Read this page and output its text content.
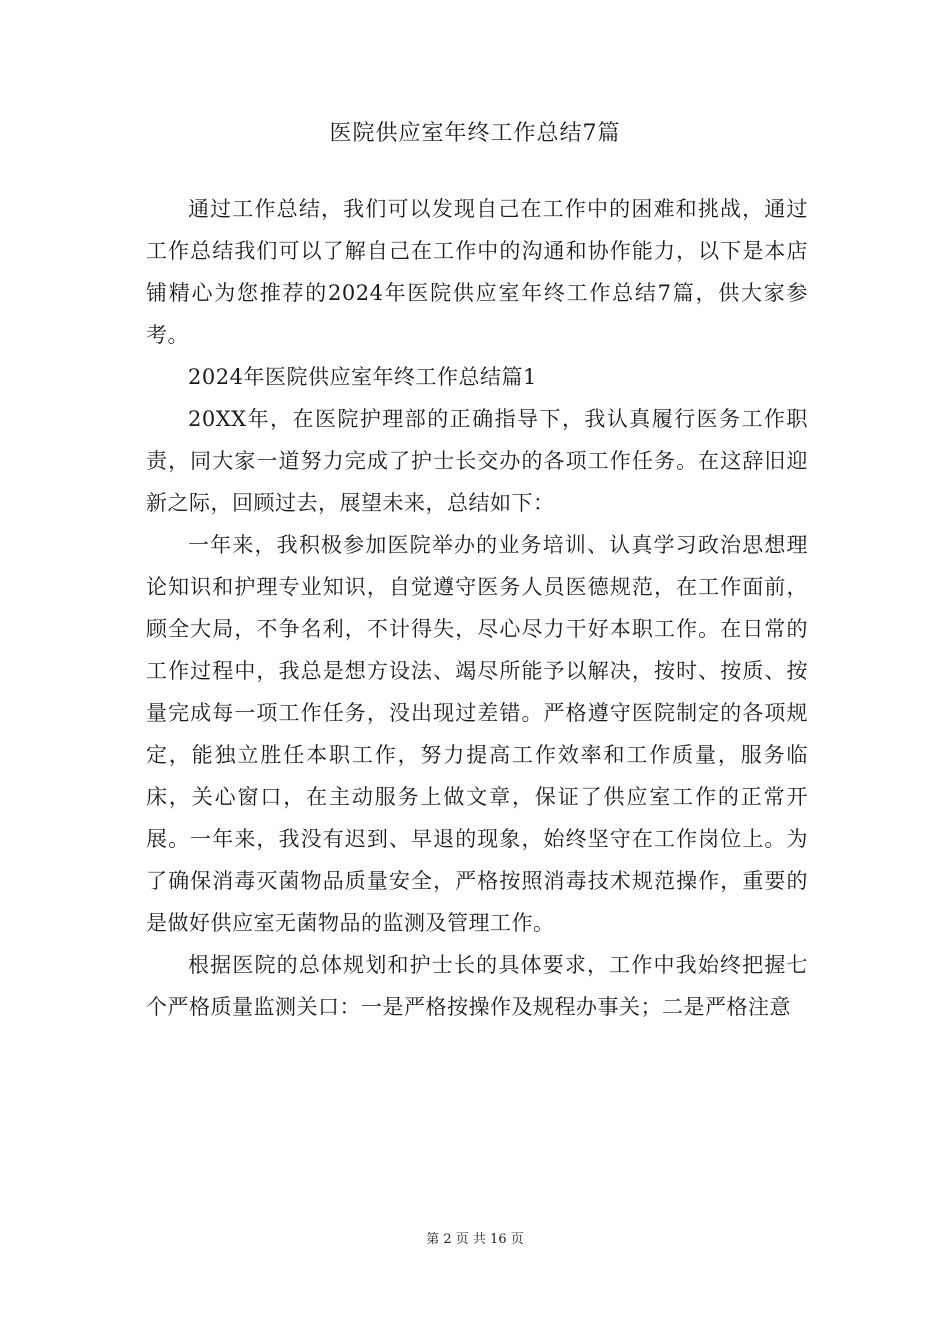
医院供应室年终工作总结7篇

通过工作总结，我们可以发现自己在工作中的困难和挑战，通过工作总结我们可以了解自己在工作中的沟通和协作能力，以下是本店铺精心为您推荐的2024年医院供应室年终工作总结7篇，供大家参考。

2024年医院供应室年终工作总结篇1

20XX年，在医院护理部的正确指导下，我认真履行医务工作职责，同大家一道努力完成了护士长交办的各项工作任务。在这辞旧迎新之际，回顾过去，展望未来，总结如下：

一年来，我积极参加医院举办的业务培训、认真学习政治思想理论知识和护理专业知识，自觉遵守医务人员医德规范，在工作面前，顾全大局，不争名利，不计得失，尽心尽力干好本职工作。在日常的工作过程中，我总是想方设法、竭尽所能予以解决，按时、按质、按量完成每一项工作任务，没出现过差错。严格遵守医院制定的各项规定，能独立胜任本职工作，努力提高工作效率和工作质量，服务临床，关心窗口，在主动服务上做文章，保证了供应室工作的正常开展。一年来，我没有迟到、早退的现象，始终坚守在工作岗位上。为了确保消毒灭菌物品质量安全，严格按照消毒技术规范操作，重要的是做好供应室无菌物品的监测及管理工作。

根据医院的总体规划和护士长的具体要求，工作中我始终把握七个严格质量监测关口：一是严格按操作及规程办事关；二是严格注意

第 2 页 共 16 页
